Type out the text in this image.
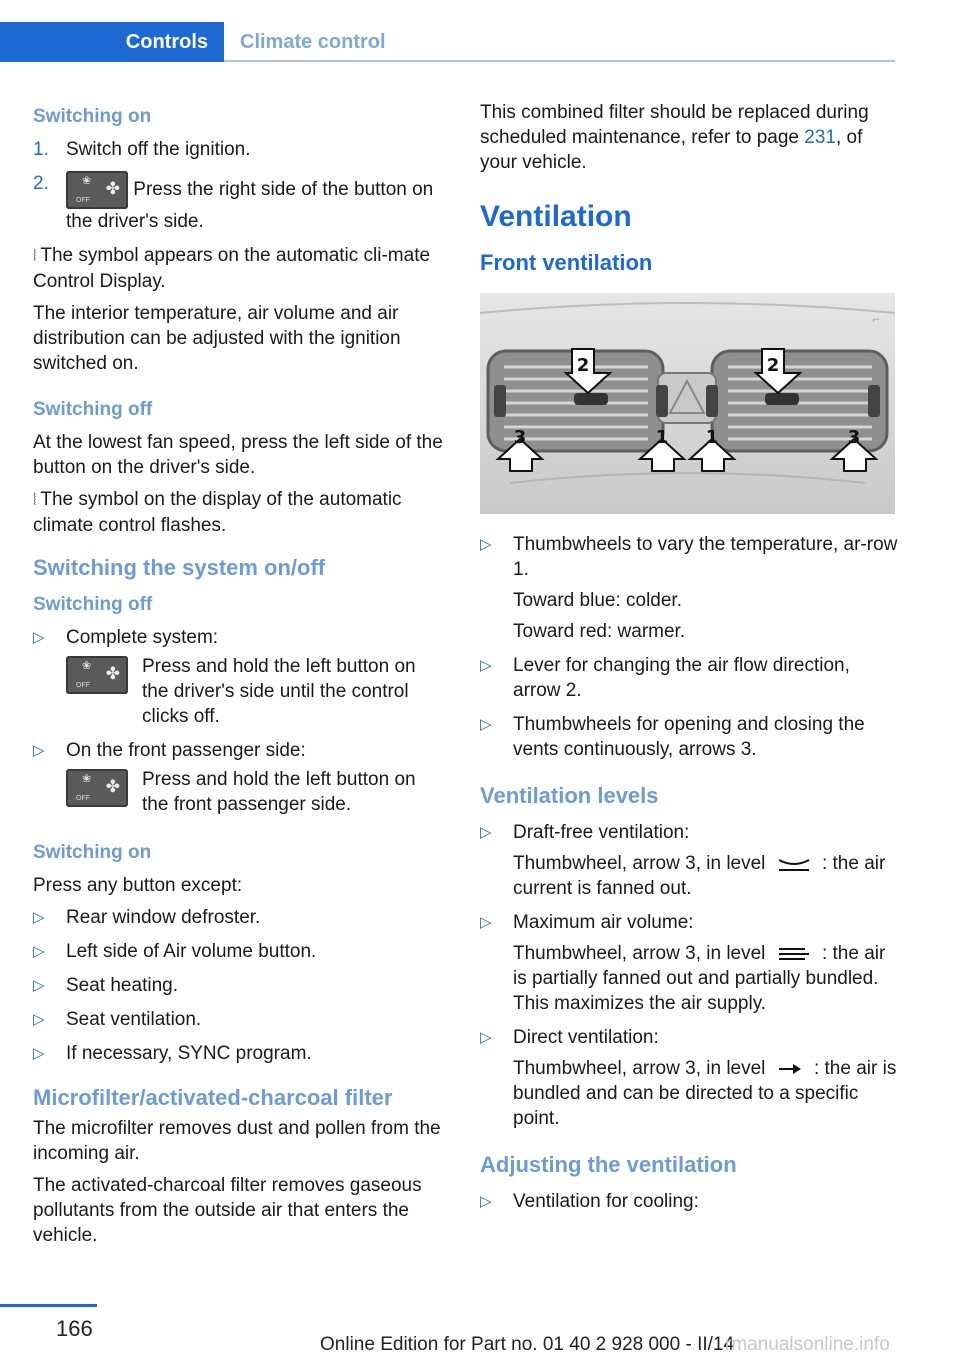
Controls	Climate control
Switching on
1. Switch off the ignition.
2.	❀
OFF
✤ Press the right side of the button on the driver's side.

⦚ The symbol appears on the automatic cli-mate Control Display.

The interior temperature, air volume and air distribution can be adjusted with the ignition switched on.

Switching off

At the lowest fan speed, press the left side of the button on the driver's side.

⦚ The symbol on the display of the automatic climate control flashes.

Switching the system on/off
Switching off
▷	Complete system:
❀
OFF
✤ Press and hold the left button on the driver's side until the control clicks off.
▷	On the front passenger side:
❀
OFF
✤ Press and hold the left button on the front passenger side.
Switching on

Press any button except:

▷	Rear window defroster.
▷	Left side of Air volume button.
▷	Seat heating.
▷	Seat ventilation.
▷	If necessary, SYNC program.
Microfilter/activated-charcoal filter

The microfilter removes dust and pollen from the incoming air.

The activated-charcoal filter removes gaseous pollutants from the outside air that enters the vehicle.

This combined filter should be replaced during scheduled maintenance, refer to page 231, of your vehicle.

Ventilation
Front ventilation
⌐
2	2
3	1 1	3
▷	Thumbwheels to vary the temperature, ar-row 1.
Toward blue: colder.
Toward red: warmer.
▷	Lever for changing the air flow direction, arrow 2.
▷	Thumbwheels for opening and closing the vents continuously, arrows 3.
Ventilation levels
▷	Draft-free ventilation:
Thumbwheel, arrow 3, in level	: the air current is fanned out.
▷	Maximum air volume:
Thumbwheel, arrow 3, in level	: the air is partially fanned out and partially bundled. This maximizes the air supply.
▷	Direct ventilation:
Thumbwheel, arrow 3, in level	: the air is bundled and can be directed to a specific point.
Adjusting the ventilation
▷	Ventilation for cooling:
166
Online Edition for Part no. 01 40 2 928 000 - II/14
rmanualsonline.info
